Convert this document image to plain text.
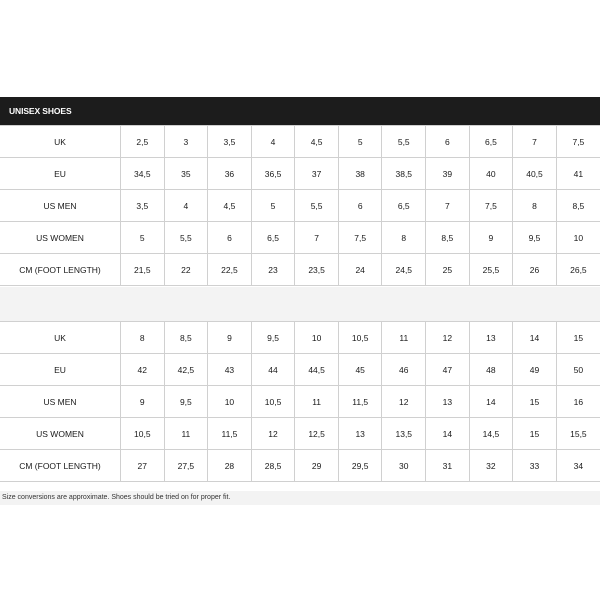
UNISEX SHOES
UK	2,5	3	3,5	4	4,5	5	5,5	6	6,5	7	7,5
EU	34,5	35	36	36,5	37	38	38,5	39	40	40,5	41
US MEN	3,5	4	4,5	5	5,5	6	6,5	7	7,5	8	8,5
US WOMEN	5	5,5	6	6,5	7	7,5	8	8,5	9	9,5	10
CM (FOOT LENGTH)	21,5	22	22,5	23	23,5	24	24,5	25	25,5	26	26,5
UK	8	8,5	9	9,5	10	10,5	11	12	13	14	15
EU	42	42,5	43	44	44,5	45	46	47	48	49	50
US MEN	9	9,5	10	10,5	11	11,5	12	13	14	15	16
US WOMEN	10,5	11	11,5	12	12,5	13	13,5	14	14,5	15	15,5
CM (FOOT LENGTH)	27	27,5	28	28,5	29	29,5	30	31	32	33	34
Size conversions are approximate. Shoes should be tried on for proper fit.
